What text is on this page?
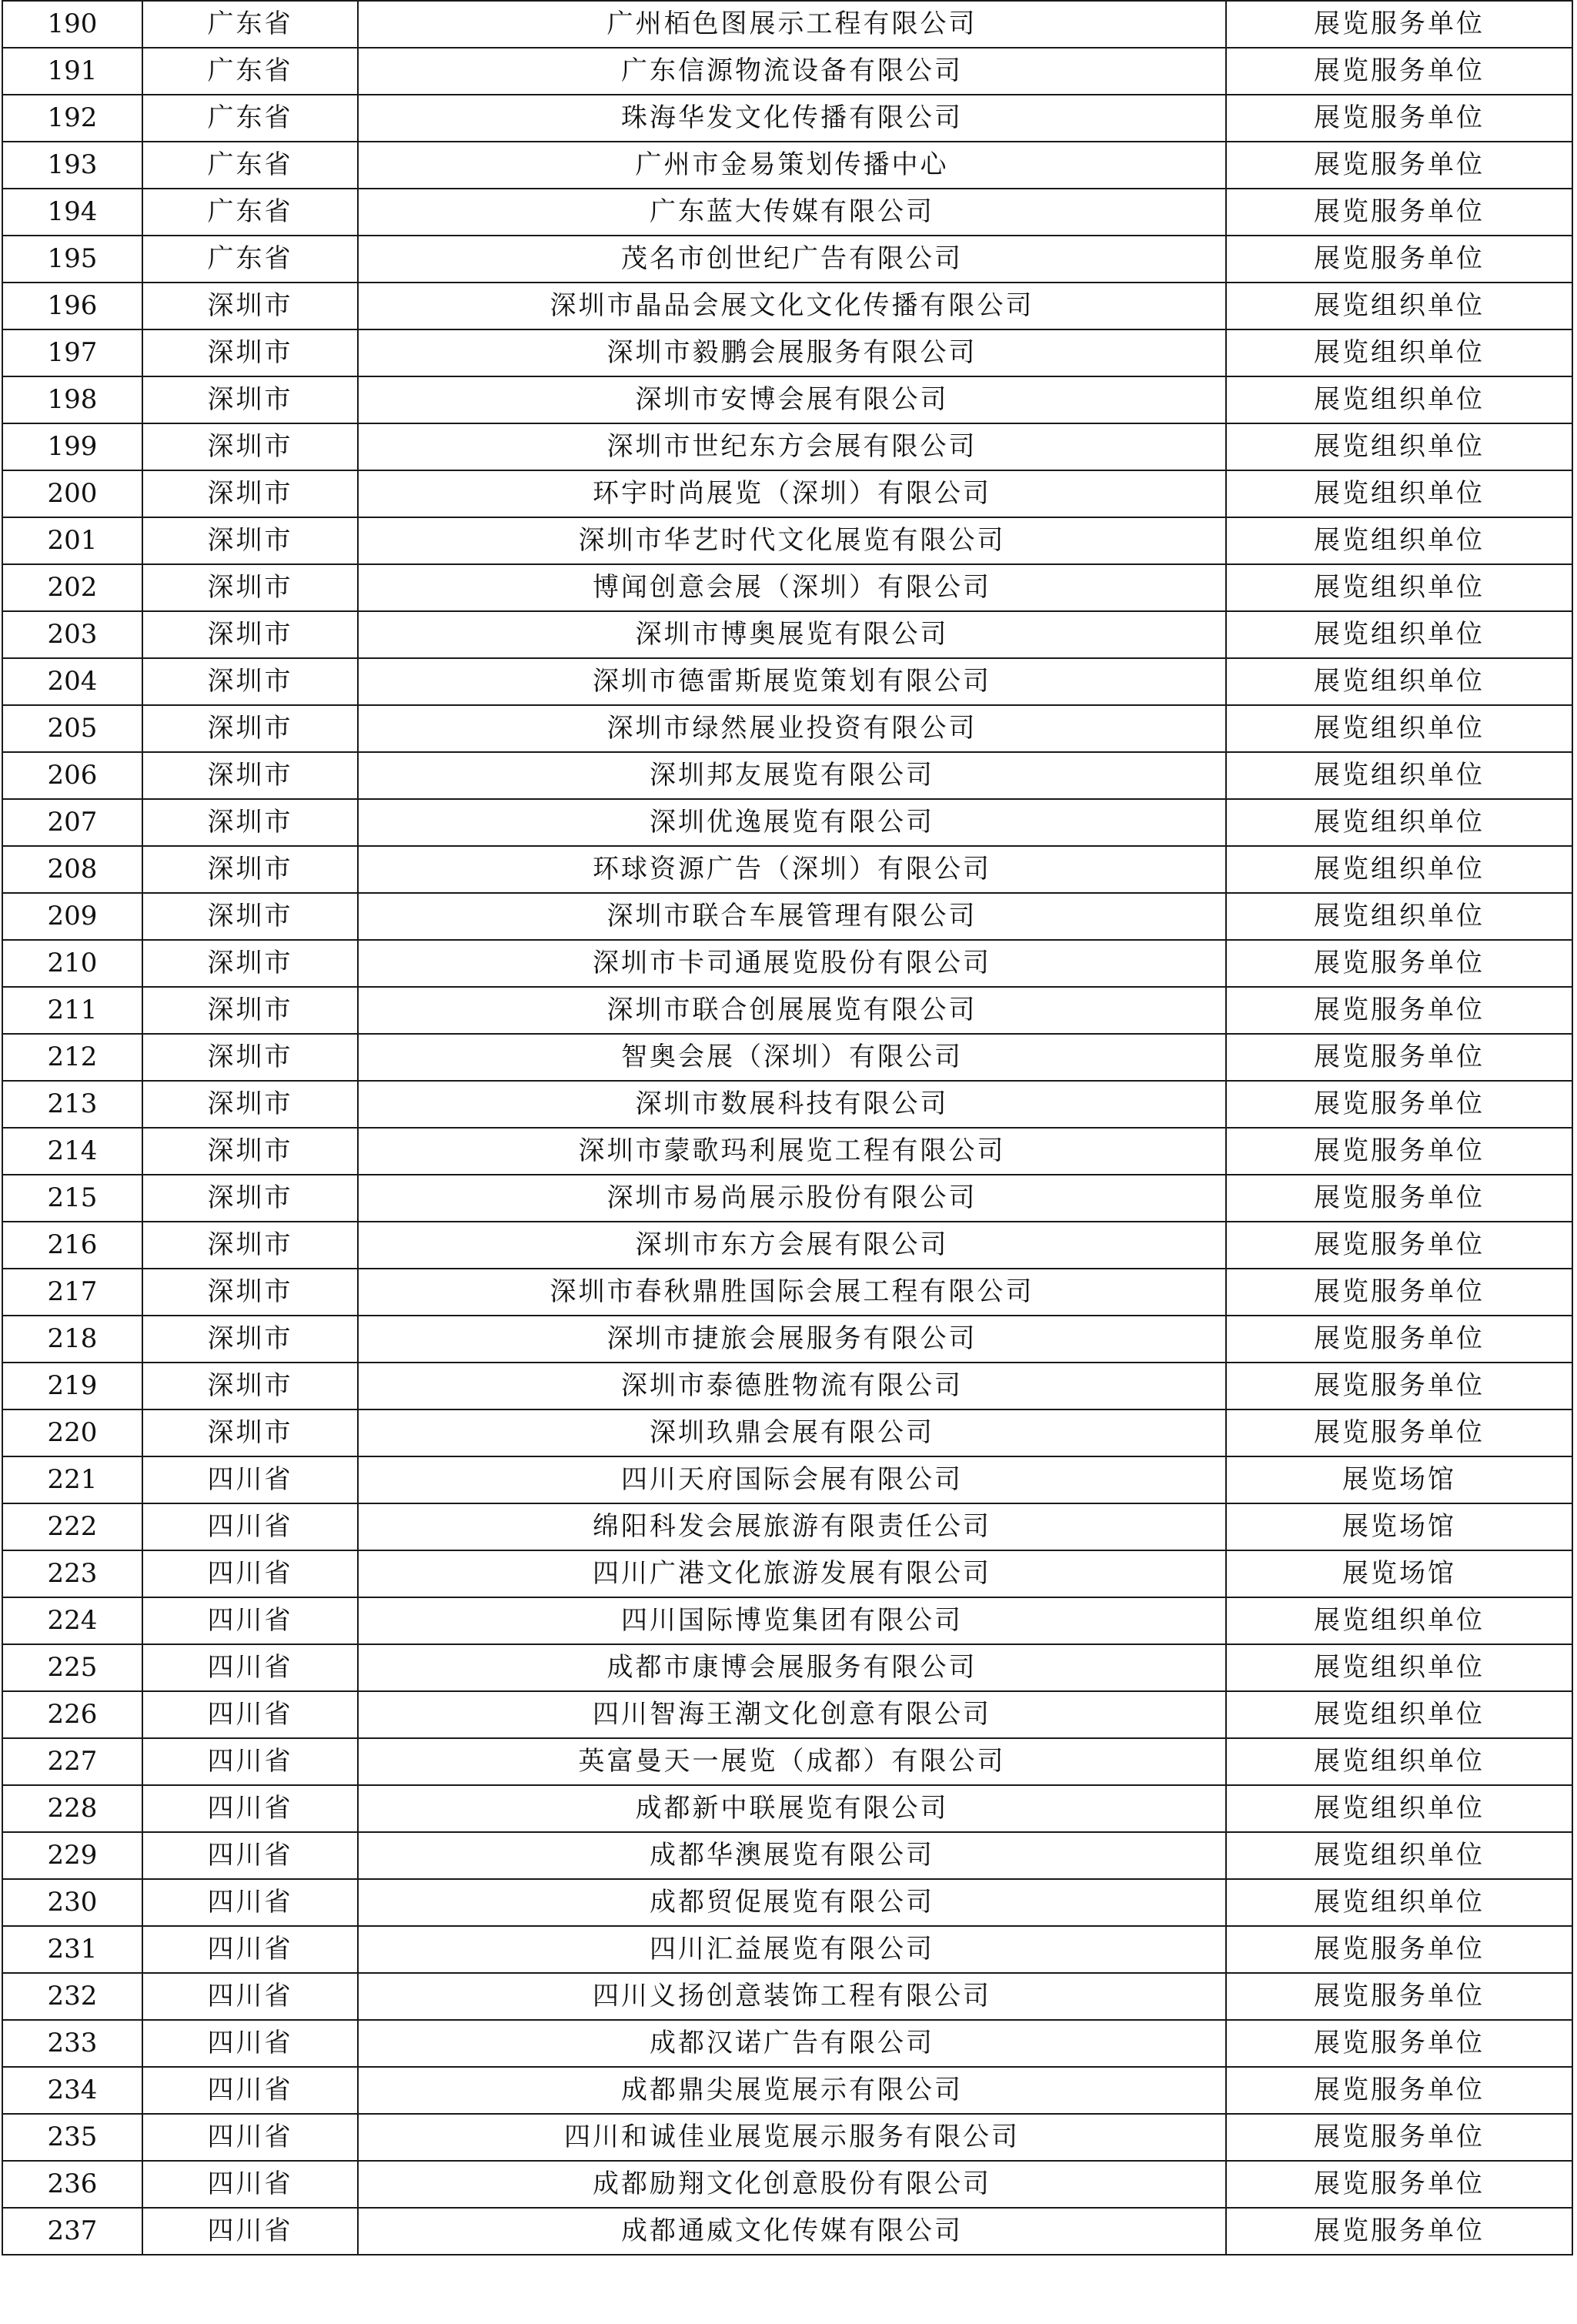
190	广东省	广州栢色图展示工程有限公司	展览服务单位
191	广东省	广东信源物流设备有限公司	展览服务单位
192	广东省	珠海华发文化传播有限公司	展览服务单位
193	广东省	广州市金易策划传播中心	展览服务单位
194	广东省	广东蓝大传媒有限公司	展览服务单位
195	广东省	茂名市创世纪广告有限公司	展览服务单位
196	深圳市	深圳市晶品会展文化文化传播有限公司	展览组织单位
197	深圳市	深圳市毅鹏会展服务有限公司	展览组织单位
198	深圳市	深圳市安博会展有限公司	展览组织单位
199	深圳市	深圳市世纪东方会展有限公司	展览组织单位
200	深圳市	环宇时尚展览（深圳）有限公司	展览组织单位
201	深圳市	深圳市华艺时代文化展览有限公司	展览组织单位
202	深圳市	博闻创意会展（深圳）有限公司	展览组织单位
203	深圳市	深圳市博奥展览有限公司	展览组织单位
204	深圳市	深圳市德雷斯展览策划有限公司	展览组织单位
205	深圳市	深圳市绿然展业投资有限公司	展览组织单位
206	深圳市	深圳邦友展览有限公司	展览组织单位
207	深圳市	深圳优逸展览有限公司	展览组织单位
208	深圳市	环球资源广告（深圳）有限公司	展览组织单位
209	深圳市	深圳市联合车展管理有限公司	展览组织单位
210	深圳市	深圳市卡司通展览股份有限公司	展览服务单位
211	深圳市	深圳市联合创展展览有限公司	展览服务单位
212	深圳市	智奥会展（深圳）有限公司	展览服务单位
213	深圳市	深圳市数展科技有限公司	展览服务单位
214	深圳市	深圳市蒙歌玛利展览工程有限公司	展览服务单位
215	深圳市	深圳市易尚展示股份有限公司	展览服务单位
216	深圳市	深圳市东方会展有限公司	展览服务单位
217	深圳市	深圳市春秋鼎胜国际会展工程有限公司	展览服务单位
218	深圳市	深圳市捷旅会展服务有限公司	展览服务单位
219	深圳市	深圳市泰德胜物流有限公司	展览服务单位
220	深圳市	深圳玖鼎会展有限公司	展览服务单位
221	四川省	四川天府国际会展有限公司	展览场馆
222	四川省	绵阳科发会展旅游有限责任公司	展览场馆
223	四川省	四川广港文化旅游发展有限公司	展览场馆
224	四川省	四川国际博览集团有限公司	展览组织单位
225	四川省	成都市康博会展服务有限公司	展览组织单位
226	四川省	四川智海王潮文化创意有限公司	展览组织单位
227	四川省	英富曼天一展览（成都）有限公司	展览组织单位
228	四川省	成都新中联展览有限公司	展览组织单位
229	四川省	成都华澳展览有限公司	展览组织单位
230	四川省	成都贸促展览有限公司	展览组织单位
231	四川省	四川汇益展览有限公司	展览服务单位
232	四川省	四川义扬创意装饰工程有限公司	展览服务单位
233	四川省	成都汉诺广告有限公司	展览服务单位
234	四川省	成都鼎尖展览展示有限公司	展览服务单位
235	四川省	四川和诚佳业展览展示服务有限公司	展览服务单位
236	四川省	成都励翔文化创意股份有限公司	展览服务单位
237	四川省	成都通威文化传媒有限公司	展览服务单位
